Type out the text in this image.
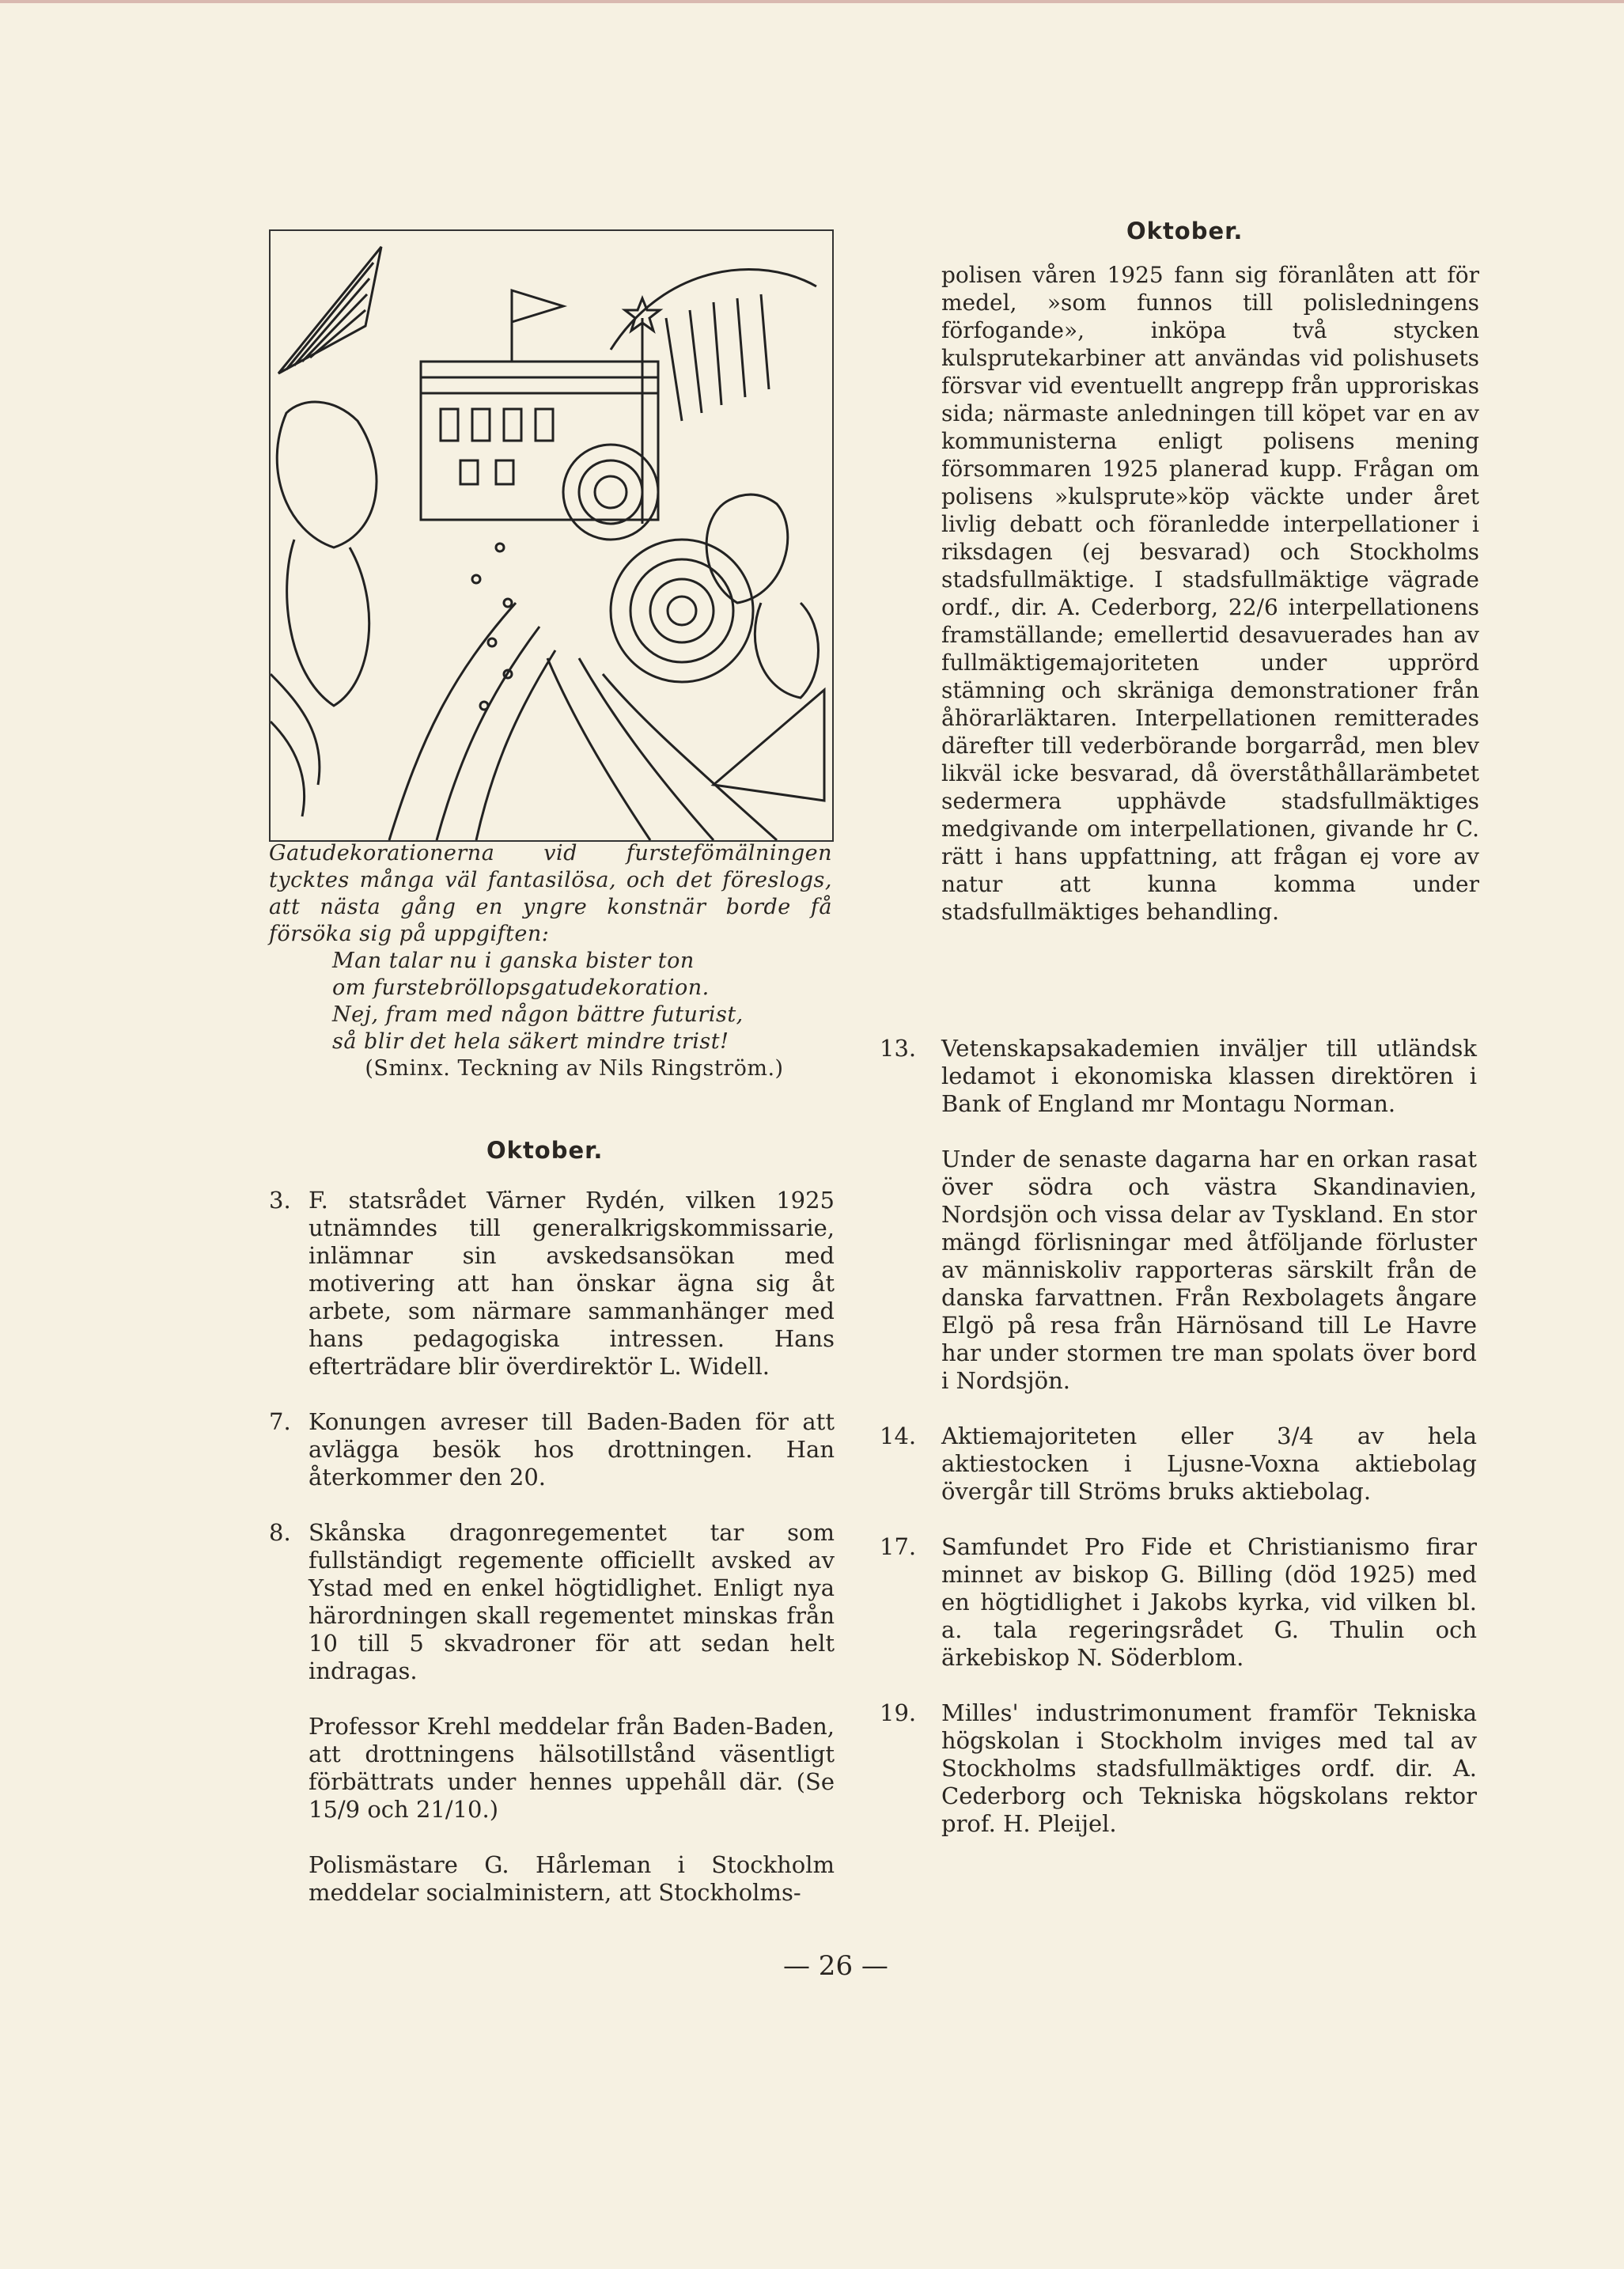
Gatudekorationerna vid furstefömälningen tycktes många väl fantasilösa, och det föreslogs, att nästa gång en yngre konstnär borde få försöka sig på uppgiften:
Man talar nu i ganska bister ton
om furstebröllopsgatudekoration.
Nej, fram med någon bättre futurist,
så blir det hela säkert mindre trist!
(Sminx. Teckning av Nils Ringström.)
Oktober.
3. F. statsrådet Värner Rydén, vilken 1925 utnämndes till generalkrigskommissarie, inlämnar sin avskedsansökan med motivering att han önskar ägna sig åt arbete, som närmare sammanhänger med hans pedagogiska intressen. Hans efterträdare blir överdirektör L. Widell.
7. Konungen avreser till Baden-Baden för att avlägga besök hos drottningen. Han återkommer den 20.
8. Skånska dragonregementet tar som fullständigt regemente officiellt avsked av Ystad med en enkel högtidlighet. Enligt nya härordningen skall regementet minskas från 10 till 5 skvadroner för att sedan helt indragas.
Professor Krehl meddelar från Baden-Baden, att drottningens hälsotillstånd väsentligt förbättrats under hennes uppehåll där. (Se 15/9 och 21/10.)
Polismästare G. Hårleman i Stockholm meddelar socialministern, att Stockholms-
Oktober.
polisen våren 1925 fann sig föranlåten att för medel, »som funnos till polisledningens förfogande», inköpa två stycken kulsprutekarbiner att användas vid polishusets försvar vid eventuellt angrepp från upproriskas sida; närmaste anledningen till köpet var en av kommunisterna enligt polisens mening försommaren 1925 planerad kupp. Frågan om polisens »kulsprute»köp väckte under året livlig debatt och föranledde interpellationer i riksdagen (ej besvarad) och Stockholms stadsfullmäktige. I stadsfullmäktige vägrade ordf., dir. A. Cederborg, 22/6 interpellationens framställande; emellertid desavuerades han av fullmäktigemajoriteten under upprörd stämning och skräniga demonstrationer från åhörarläktaren. Interpellationen remitterades därefter till vederbörande borgarråd, men blev likväl icke besvarad, då överståthållarämbetet sedermera upphävde stadsfullmäktiges medgivande om interpellationen, givande hr C. rätt i hans uppfattning, att frågan ej vore av natur att kunna komma under stadsfullmäktiges behandling.
13. Vetenskapsakademien inväljer till utländsk ledamot i ekonomiska klassen direktören i Bank of England mr Montagu Norman.
Under de senaste dagarna har en orkan rasat över södra och västra Skandinavien, Nordsjön och vissa delar av Tyskland. En stor mängd förlisningar med åtföljande förluster av människoliv rapporteras särskilt från de danska farvattnen. Från Rexbolagets ångare Elgö på resa från Härnösand till Le Havre har under stormen tre man spolats över bord i Nordsjön.
14. Aktiemajoriteten eller 3/4 av hela aktiestocken i Ljusne-Voxna aktiebolag övergår till Ströms bruks aktiebolag.
17. Samfundet Pro Fide et Christianismo firar minnet av biskop G. Billing (död 1925) med en högtidlighet i Jakobs kyrka, vid vilken bl. a. tala regeringsrådet G. Thulin och ärkebiskop N. Söderblom.
19. Milles' industrimonument framför Tekniska högskolan i Stockholm inviges med tal av Stockholms stadsfullmäktiges ordf. dir. A. Cederborg och Tekniska högskolans rektor prof. H. Pleijel.
— 26 —
